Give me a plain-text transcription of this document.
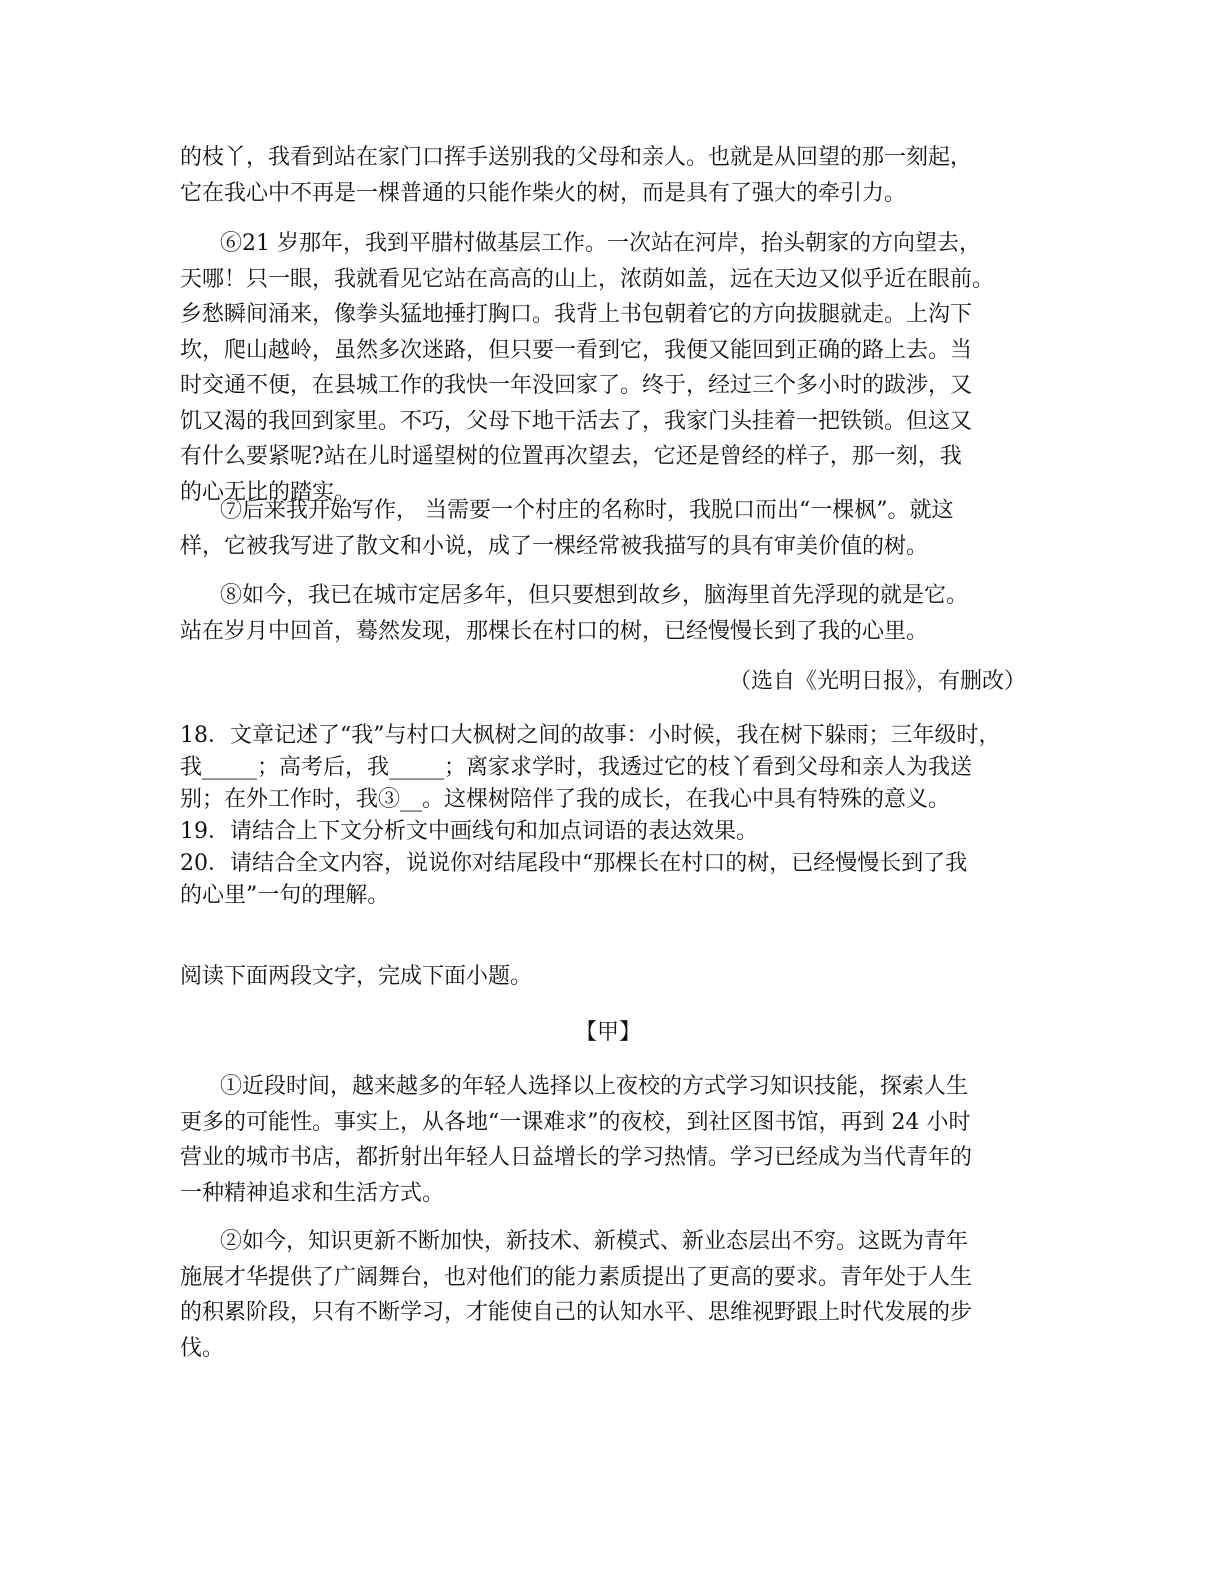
的枝丫，我看到站在家门口挥手送别我的父母和亲人。也就是从回望的那一刻起，
它在我心中不再是一棵普通的只能作柴火的树，而是具有了强大的牵引力。

⑥21 岁那年，我到平腊村做基层工作。一次站在河岸，抬头朝家的方向望去，
天哪！只一眼，我就看见它站在高高的山上，浓荫如盖，远在天边又似乎近在眼前。
乡愁瞬间涌来，像拳头猛地捶打胸口。我背上书包朝着它的方向拔腿就走。上沟下
坎，爬山越岭，虽然多次迷路，但只要一看到它，我便又能回到正确的路上去。当
时交通不便，在县城工作的我快一年没回家了。终于，经过三个多小时的跋涉，又
饥又渴的我回到家里。不巧，父母下地干活去了，我家门头挂着一把铁锁。但这又
有什么要紧呢?站在儿时遥望树的位置再次望去，它还是曾经的样子，那一刻，我
的心无比的踏实。

⑦后来我开始写作， 当需要一个村庄的名称时，我脱口而出“一棵枫”。就这
样，它被我写进了散文和小说，成了一棵经常被我描写的具有审美价值的树。

⑧如今，我已在城市定居多年，但只要想到故乡，脑海里首先浮现的就是它。
站在岁月中回首，蓦然发现，那棵长在村口的树，已经慢慢长到了我的心里。

（选自《光明日报》，有删改）

18．文章记述了“我”与村口大枫树之间的故事：小时候，我在树下躲雨；三年级时，
我_____；高考后，我_____；离家求学时，我透过它的枝丫看到父母和亲人为我送
别；在外工作时，我③__。这棵树陪伴了我的成长，在我心中具有特殊的意义。
19．请结合上下文分析文中画线句和加点词语的表达效果。
20．请结合全文内容，说说你对结尾段中“那棵长在村口的树，已经慢慢长到了我
的心里”一句的理解。

阅读下面两段文字，完成下面小题。

【甲】

①近段时间，越来越多的年轻人选择以上夜校的方式学习知识技能，探索人生
更多的可能性。事实上，从各地“一课难求”的夜校，到社区图书馆，再到 24 小时
营业的城市书店，都折射出年轻人日益增长的学习热情。学习已经成为当代青年的
一种精神追求和生活方式。

②如今，知识更新不断加快，新技术、新模式、新业态层出不穷。这既为青年
施展才华提供了广阔舞台，也对他们的能力素质提出了更高的要求。青年处于人生
的积累阶段，只有不断学习，才能使自己的认知水平、思维视野跟上时代发展的步
伐。
